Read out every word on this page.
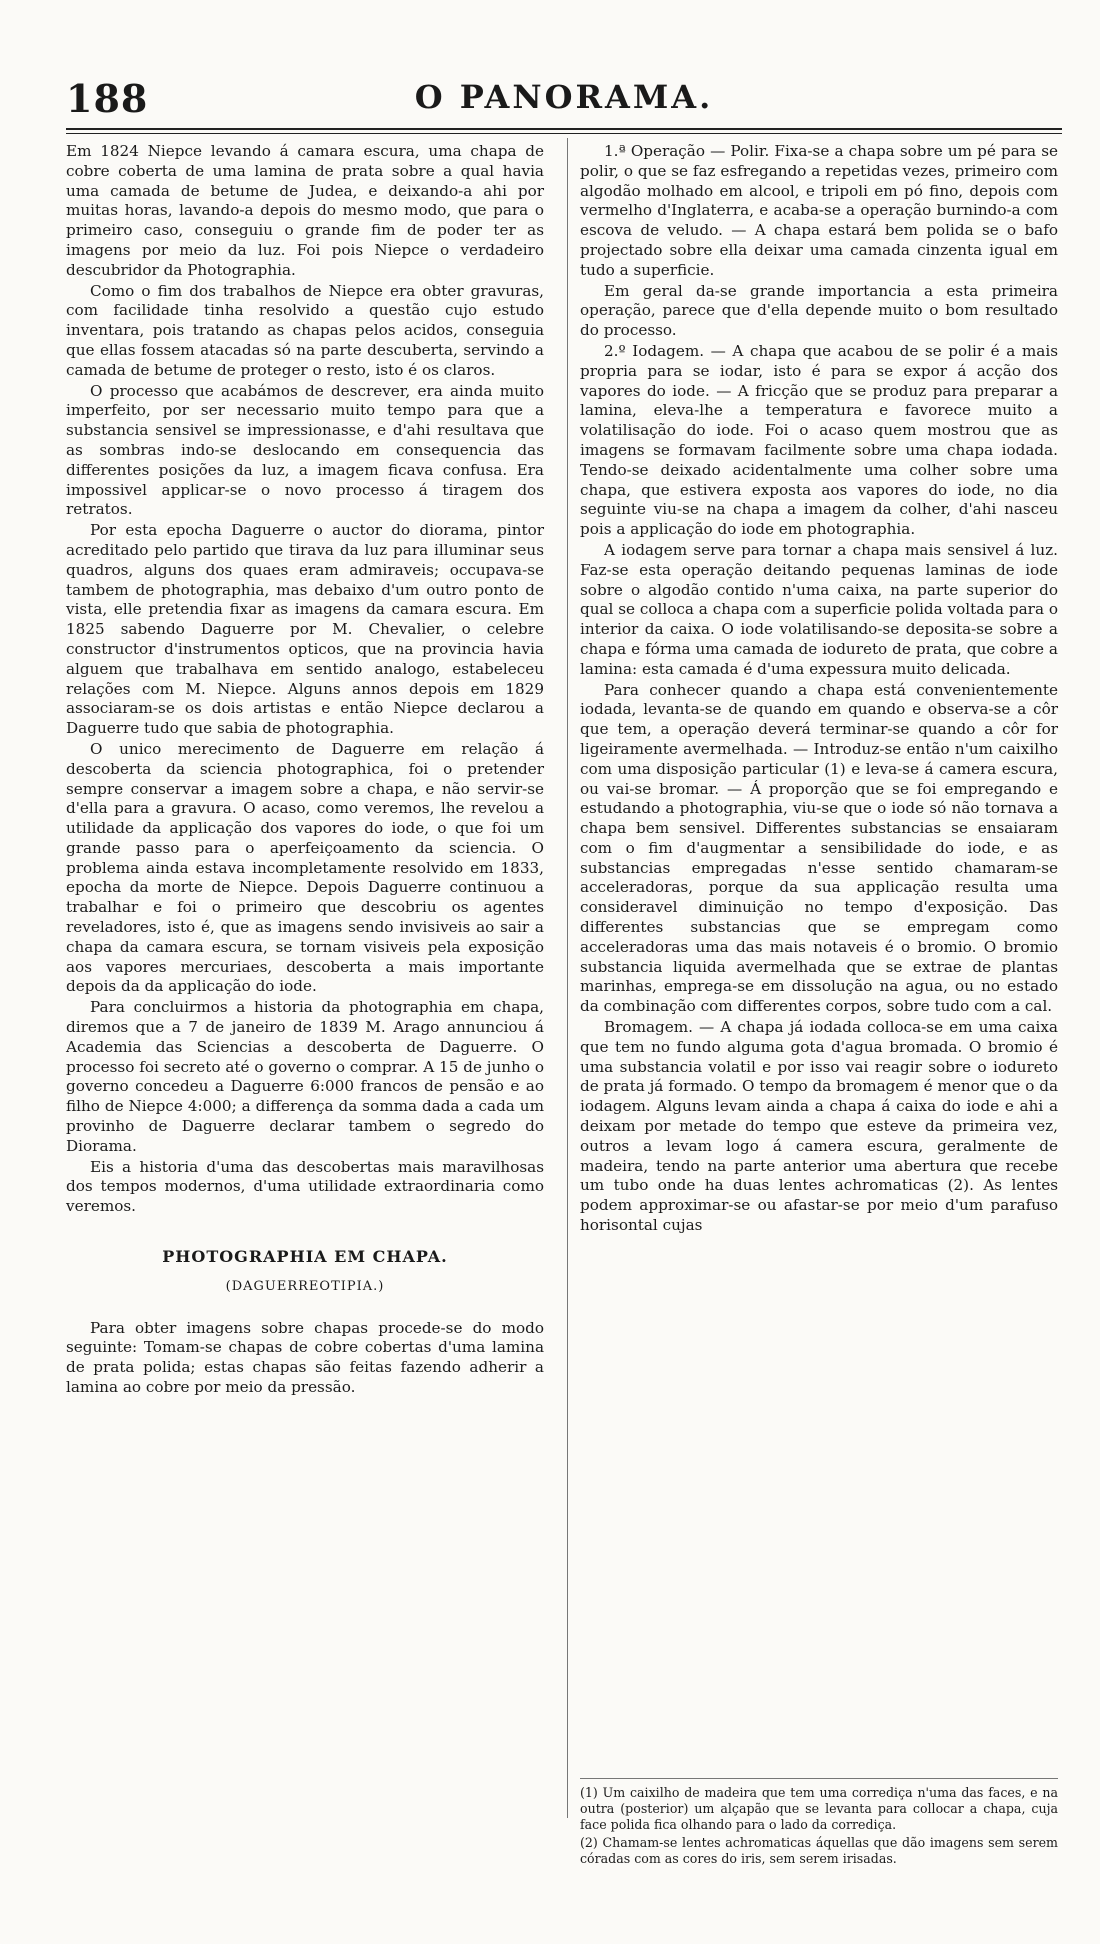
188	O PANORAMA.

Em 1824 Niepce levando á camara escura, uma chapa de cobre coberta de uma lamina de prata sobre a qual havia uma camada de betume de Judea, e deixando-a ahi por muitas horas, lavando-a depois do mesmo modo, que para o primeiro caso, conseguiu o grande fim de poder ter as imagens por meio da luz. Foi pois Niepce o verdadeiro descubridor da Photographia.

Como o fim dos trabalhos de Niepce era obter gravuras, com facilidade tinha resolvido a questão cujo estudo inventara, pois tratando as chapas pelos acidos, conseguia que ellas fossem atacadas só na parte descuberta, servindo a camada de betume de proteger o resto, isto é os claros.

O processo que acabámos de descrever, era ainda muito imperfeito, por ser necessario muito tempo para que a substancia sensivel se impressionasse, e d'ahi resultava que as sombras indo-se deslocando em consequencia das differentes posições da luz, a imagem ficava confusa. Era impossivel applicar-se o novo processo á tiragem dos retratos.

Por esta epocha Daguerre o auctor do diorama, pintor acreditado pelo partido que tirava da luz para illuminar seus quadros, alguns dos quaes eram admiraveis; occupava-se tambem de photographia, mas debaixo d'um outro ponto de vista, elle pretendia fixar as imagens da camara escura. Em 1825 sabendo Daguerre por M. Chevalier, o celebre constructor d'instrumentos opticos, que na provincia havia alguem que trabalhava em sentido analogo, estabeleceu relações com M. Niepce. Alguns annos depois em 1829 associaram-se os dois artistas e então Niepce declarou a Daguerre tudo que sabia de photographia.

O unico merecimento de Daguerre em relação á descoberta da sciencia photographica, foi o pretender sempre conservar a imagem sobre a chapa, e não servir-se d'ella para a gravura. O acaso, como veremos, lhe revelou a utilidade da applicação dos vapores do iode, o que foi um grande passo para o aperfeiçoamento da sciencia. O problema ainda estava incompletamente resolvido em 1833, epocha da morte de Niepce. Depois Daguerre continuou a trabalhar e foi o primeiro que descobriu os agentes reveladores, isto é, que as imagens sendo invisiveis ao sair a chapa da camara escura, se tornam visiveis pela exposição aos vapores mercuriaes, descoberta a mais importante depois da da applicação do iode.

Para concluirmos a historia da photographia em chapa, diremos que a 7 de janeiro de 1839 M. Arago annunciou á Academia das Sciencias a descoberta de Daguerre. O processo foi secreto até o governo o comprar. A 15 de junho o governo concedeu a Daguerre 6:000 francos de pensão e ao filho de Niepce 4:000; a differença da somma dada a cada um provinho de Daguerre declarar tambem o segredo do Diorama.

Eis a historia d'uma das descobertas mais maravilhosas dos tempos modernos, d'uma utilidade extraordinaria como veremos.

PHOTOGRAPHIA EM CHAPA.
(DAGUERREOTIPIA.)

Para obter imagens sobre chapas procede-se do modo seguinte: Tomam-se chapas de cobre cobertas d'uma lamina de prata polida; estas chapas são feitas fazendo adherir a lamina ao cobre por meio da pressão.

1.ª Operação — Polir. Fixa-se a chapa sobre um pé para se polir, o que se faz esfregando a repetidas vezes, primeiro com algodão molhado em alcool, e tripoli em pó fino, depois com vermelho d'Inglaterra, e acaba-se a operação burnindo-a com escova de veludo. — A chapa estará bem polida se o bafo projectado sobre ella deixar uma camada cinzenta igual em tudo a superficie.

Em geral da-se grande importancia a esta primeira operação, parece que d'ella depende muito o bom resultado do processo.

2.º Iodagem. — A chapa que acabou de se polir é a mais propria para se iodar, isto é para se expor á acção dos vapores do iode. — A fricção que se produz para preparar a lamina, eleva-lhe a temperatura e favorece muito a volatilisação do iode. Foi o acaso quem mostrou que as imagens se formavam facilmente sobre uma chapa iodada. Tendo-se deixado acidentalmente uma colher sobre uma chapa, que estivera exposta aos vapores do iode, no dia seguinte viu-se na chapa a imagem da colher, d'ahi nasceu pois a applicação do iode em photographia.

A iodagem serve para tornar a chapa mais sensivel á luz. Faz-se esta operação deitando pequenas laminas de iode sobre o algodão contido n'uma caixa, na parte superior do qual se colloca a chapa com a superficie polida voltada para o interior da caixa. O iode volatilisando-se deposita-se sobre a chapa e fórma uma camada de iodureto de prata, que cobre a lamina: esta camada é d'uma expessura muito delicada.

Para conhecer quando a chapa está convenientemente iodada, levanta-se de quando em quando e observa-se a côr que tem, a operação deverá terminar-se quando a côr for ligeiramente avermelhada. — Introduz-se então n'um caixilho com uma disposição particular (1) e leva-se á camera escura, ou vai-se bromar. — Á proporção que se foi empregando e estudando a photographia, viu-se que o iode só não tornava a chapa bem sensivel. Differentes substancias se ensaiaram com o fim d'augmentar a sensibilidade do iode, e as substancias empregadas n'esse sentido chamaram-se acceleradoras, porque da sua applicação resulta uma consideravel diminuição no tempo d'exposição. Das differentes substancias que se empregam como acceleradoras uma das mais notaveis é o bromio. O bromio substancia liquida avermelhada que se extrae de plantas marinhas, emprega-se em dissolução na agua, ou no estado da combinação com differentes corpos, sobre tudo com a cal.

Bromagem. — A chapa já iodada colloca-se em uma caixa que tem no fundo alguma gota d'agua bromada. O bromio é uma substancia volatil e por isso vai reagir sobre o iodureto de prata já formado. O tempo da bromagem é menor que o da iodagem. Alguns levam ainda a chapa á caixa do iode e ahi a deixam por metade do tempo que esteve da primeira vez, outros a levam logo á camera escura, geralmente de madeira, tendo na parte anterior uma abertura que recebe um tubo onde ha duas lentes achromaticas (2). As lentes podem approximar-se ou afastar-se por meio d'um parafuso horisontal cujas

(1) Um caixilho de madeira que tem uma corrediça n'uma das faces, e na outra (posterior) um alçapão que se levanta para collocar a chapa, cuja face polida fica olhando para o lado da corrediça.

(2) Chamam-se lentes achromaticas áquellas que dão imagens sem serem córadas com as cores do iris, sem serem irisadas.
